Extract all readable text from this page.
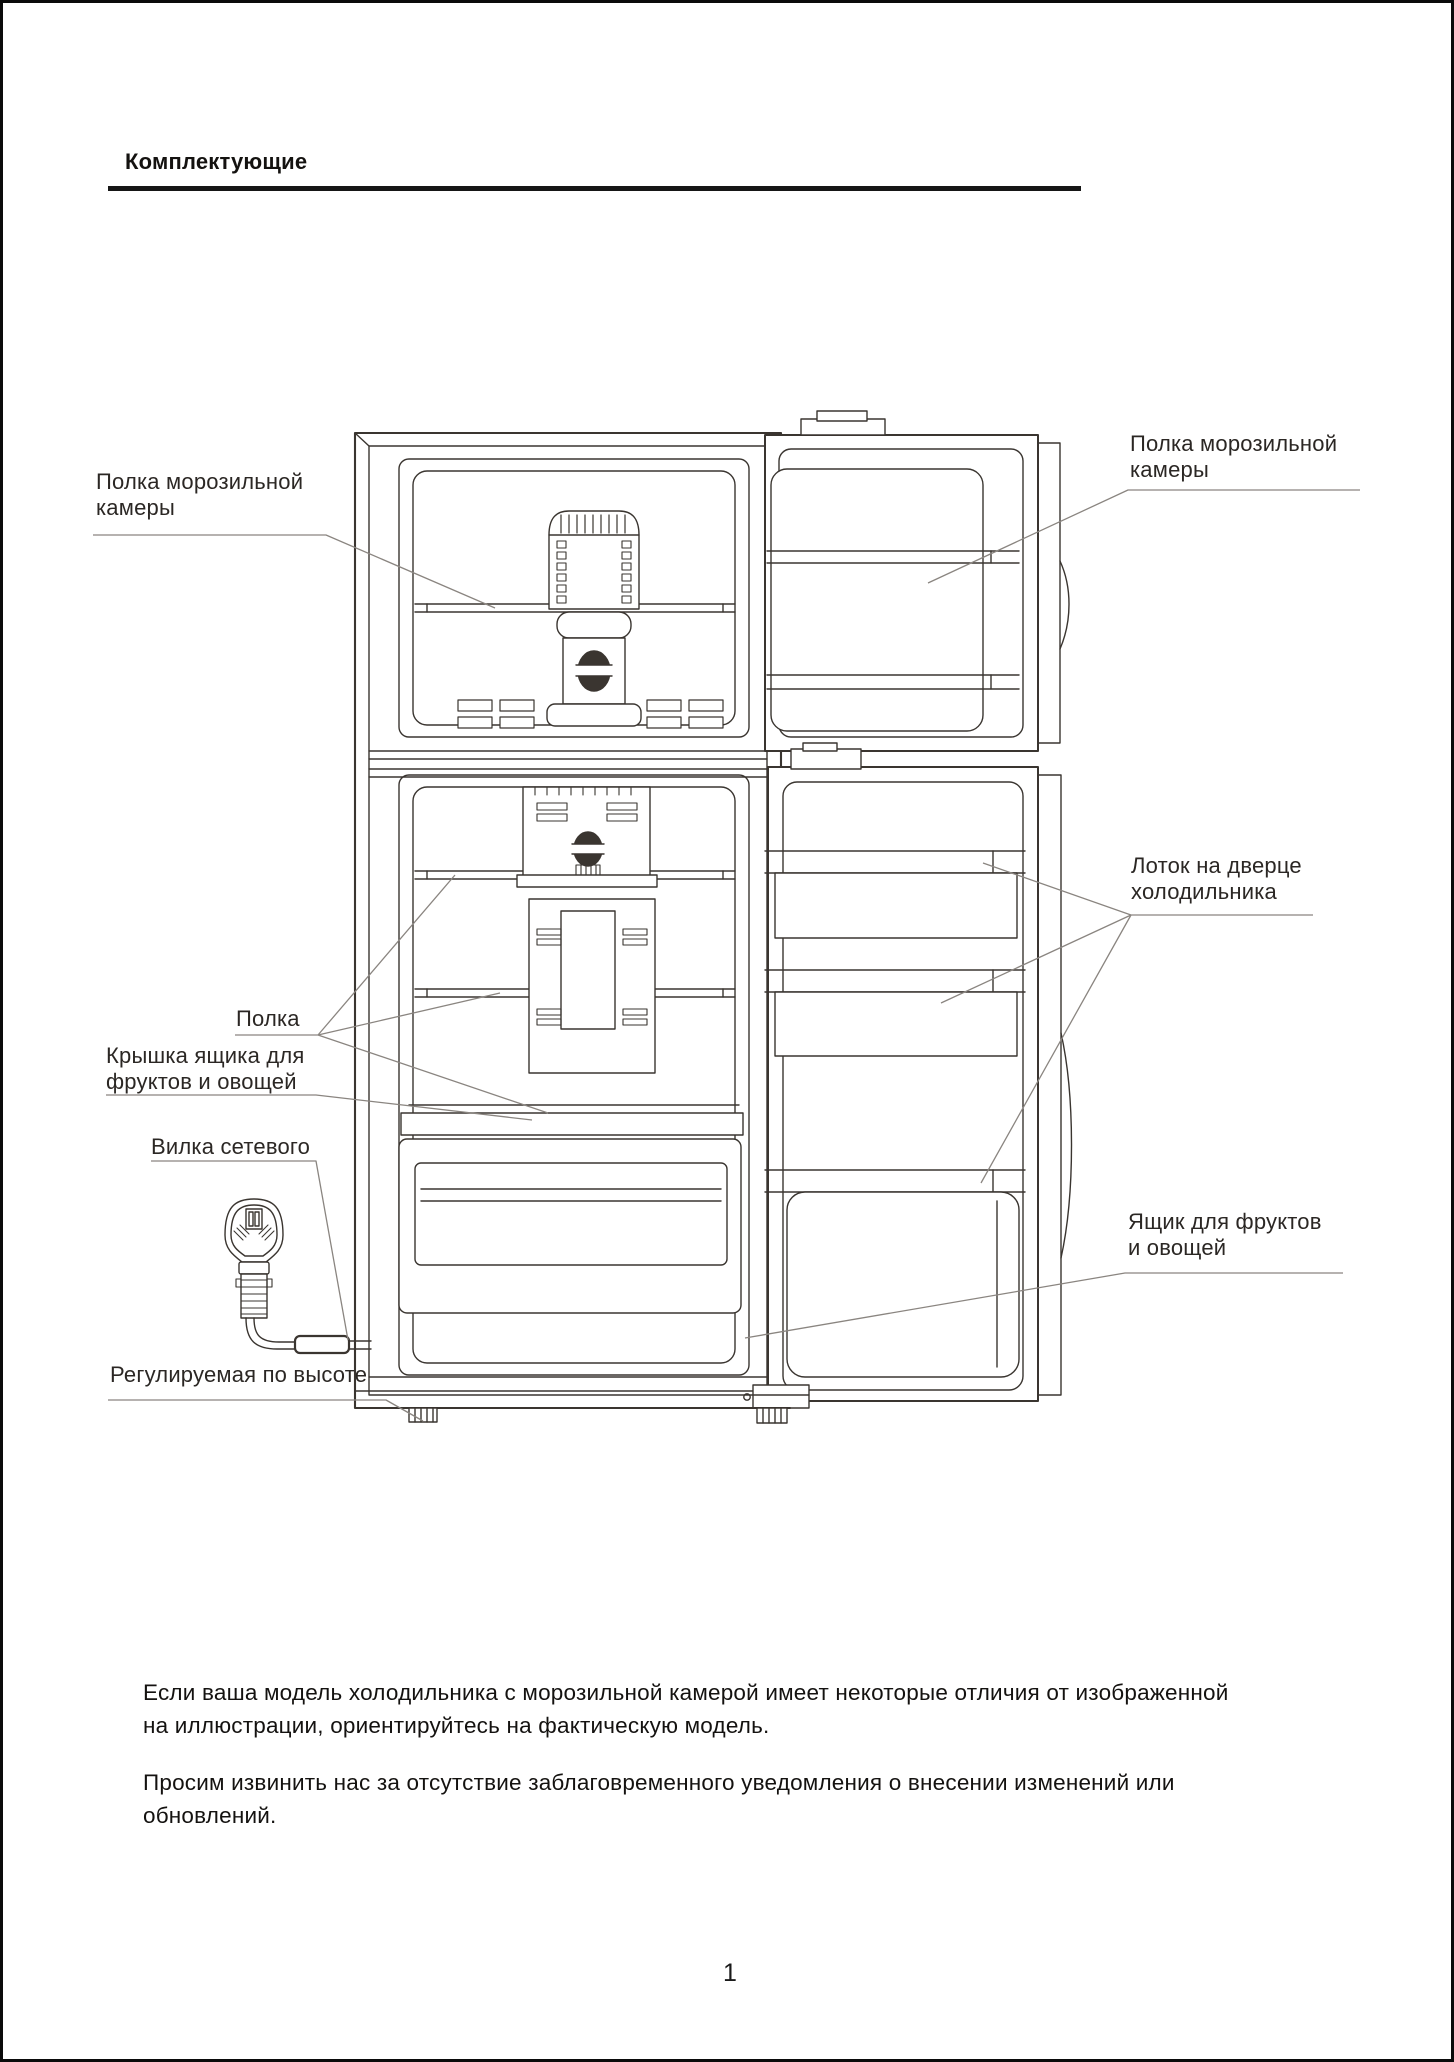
Комплектующие
Полка морозильной камеры
Полка морозильной камеры
Лоток на дверце холодильника
Полка
Крышка ящика для фруктов и овощей
Вилка сетевого
Регулируемая по высоте
Ящик для фруктов и овощей

Если ваша модель холодильника с морозильной камерой имеет некоторые отличия от изображенной на иллюстрации, ориентируйтесь на фактическую модель.

Просим извинить нас за отсутствие заблаговременного уведомления о внесении изменений или обновлений.

1
